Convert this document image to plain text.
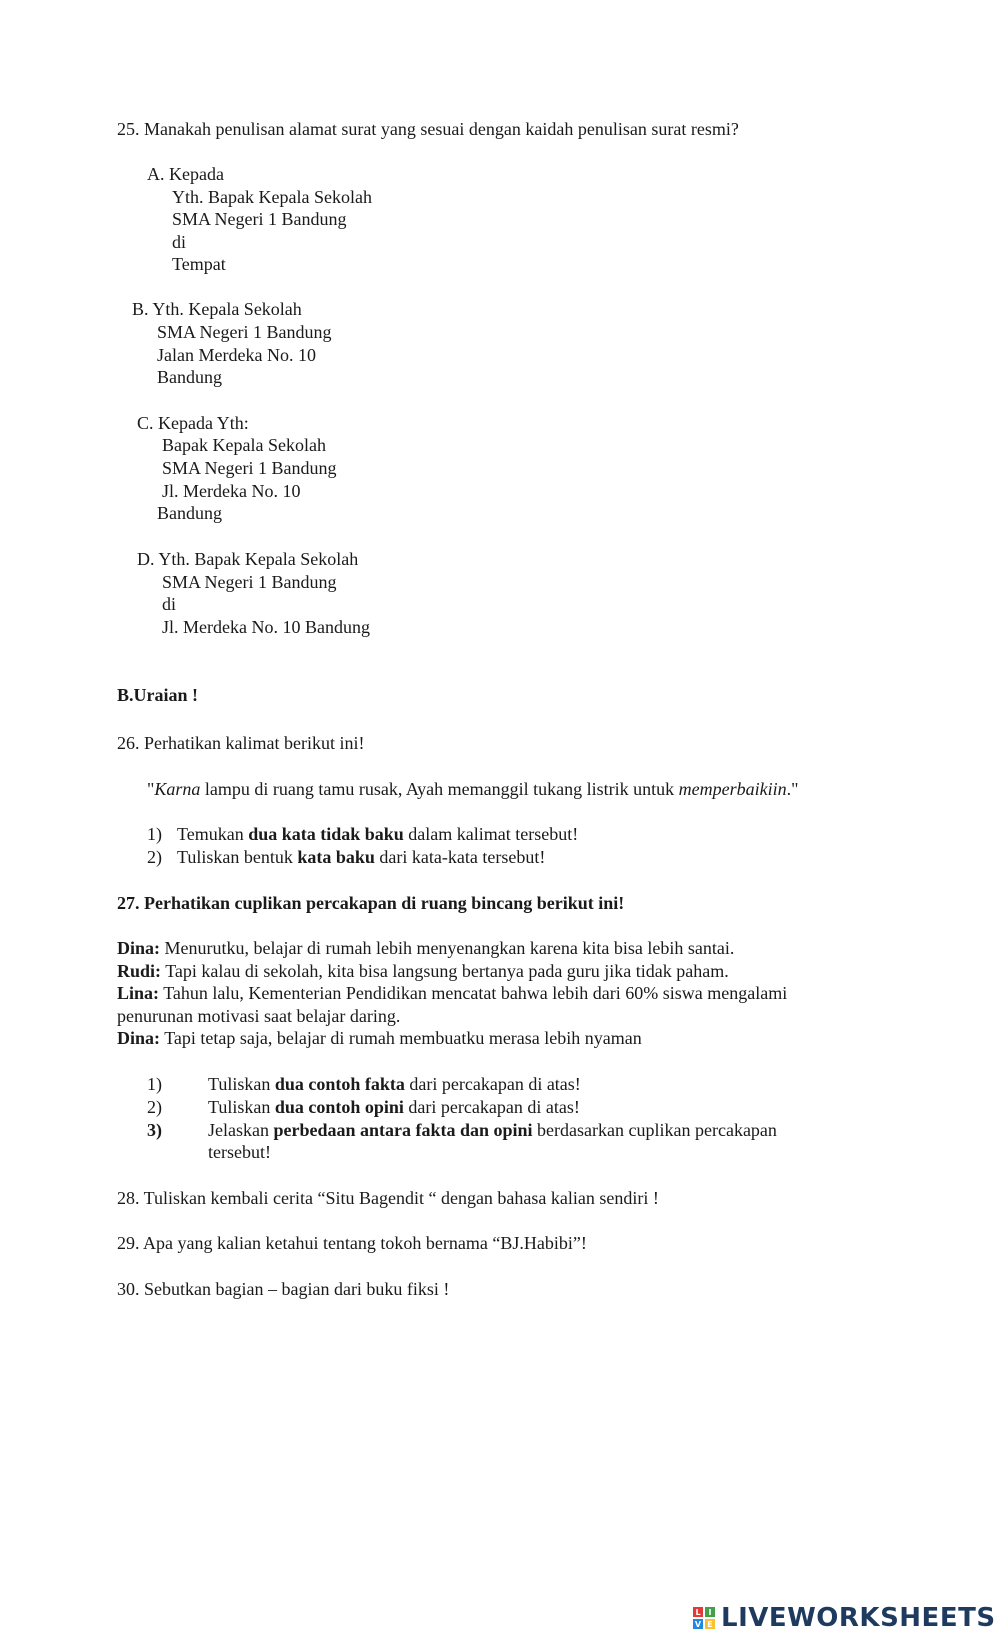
25. Manakah penulisan alamat surat yang sesuai dengan kaidah penulisan surat resmi?
A. Kepada
Yth. Bapak Kepala Sekolah
SMA Negeri 1 Bandung
di
Tempat
B. Yth. Kepala Sekolah
SMA Negeri 1 Bandung
Jalan Merdeka No. 10
Bandung
C. Kepada Yth:
Bapak Kepala Sekolah
SMA Negeri 1 Bandung
Jl. Merdeka No. 10
Bandung
D. Yth. Bapak Kepala Sekolah
SMA Negeri 1 Bandung
di
Jl. Merdeka No. 10 Bandung
B.Uraian !
26. Perhatikan kalimat berikut ini!
"Karna lampu di ruang tamu rusak, Ayah memanggil tukang listrik untuk memperbaikiin."
1) Temukan dua kata tidak baku dalam kalimat tersebut!
2) Tuliskan bentuk kata baku dari kata-kata tersebut!
27. Perhatikan cuplikan percakapan di ruang bincang berikut ini!
Dina: Menurutku, belajar di rumah lebih menyenangkan karena kita bisa lebih santai.
Rudi: Tapi kalau di sekolah, kita bisa langsung bertanya pada guru jika tidak paham.
Lina: Tahun lalu, Kementerian Pendidikan mencatat bahwa lebih dari 60% siswa mengalami
penurunan motivasi saat belajar daring.
Dina: Tapi tetap saja, belajar di rumah membuatku merasa lebih nyaman
1)	Tuliskan dua contoh fakta dari percakapan di atas!
2)	Tuliskan dua contoh opini dari percakapan di atas!
3)	Jelaskan perbedaan antara fakta dan opini berdasarkan cuplikan percakapan
tersebut!
28. Tuliskan kembali cerita “Situ Bagendit “ dengan bahasa kalian sendiri !
29. Apa yang kalian ketahui tentang tokoh bernama “BJ.Habibi”!
30. Sebutkan bagian – bagian dari buku fiksi !
L I
V E LIVEWORKSHEETS
